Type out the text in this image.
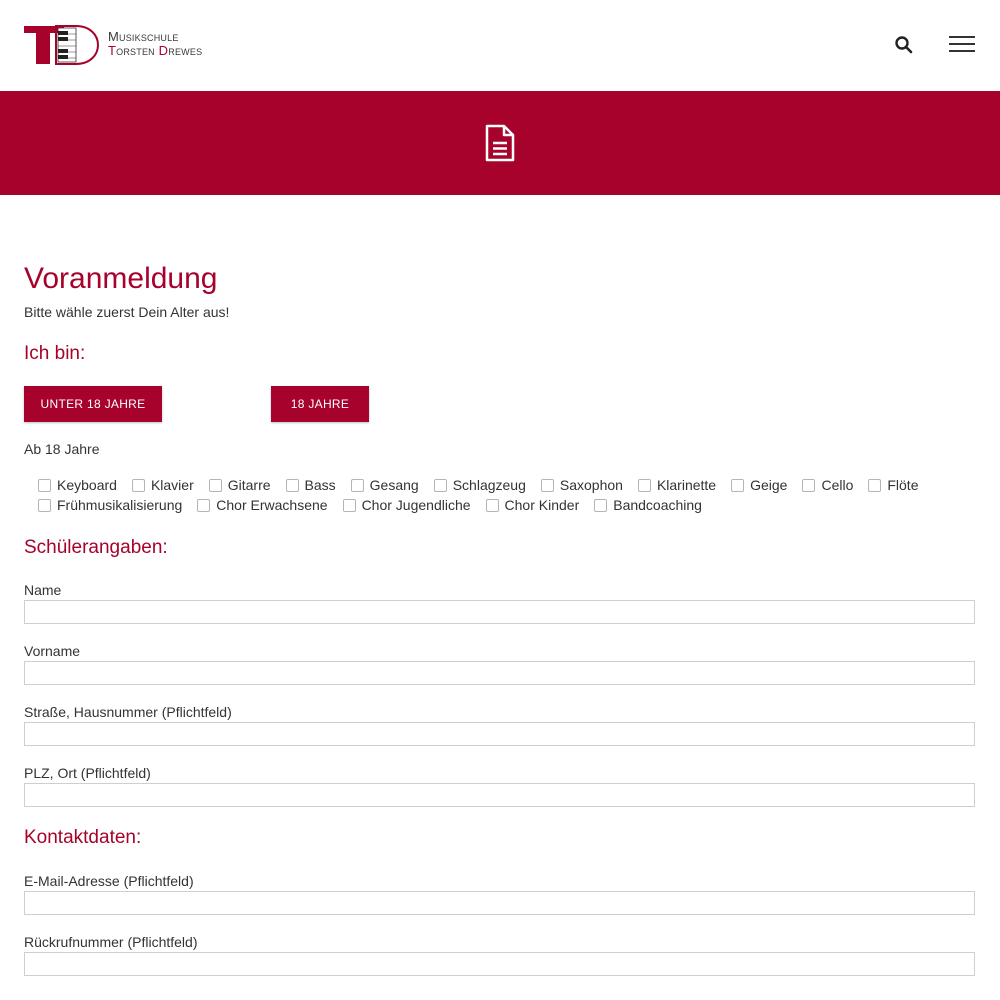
Musikschule
Torsten Drewes
Voranmeldung
Bitte wähle zuerst Dein Alter aus!
Ich bin:
UNTER 18 JAHRE	18 JAHRE
Ab 18 Jahre
Keyboard Klavier Gitarre Bass Gesang Schlagzeug Saxophon Klarinette Geige Cello Flöte
Frühmusikalisierung Chor Erwachsene Chor Jugendliche Chor Kinder Bandcoaching
Schülerangaben:
Name
Vorname
Straße, Hausnummer (Pflichtfeld)
PLZ, Ort (Pflichtfeld)
Kontaktdaten:
E-Mail-Adresse (Pflichtfeld)
Rückrufnummer (Pflichtfeld)
